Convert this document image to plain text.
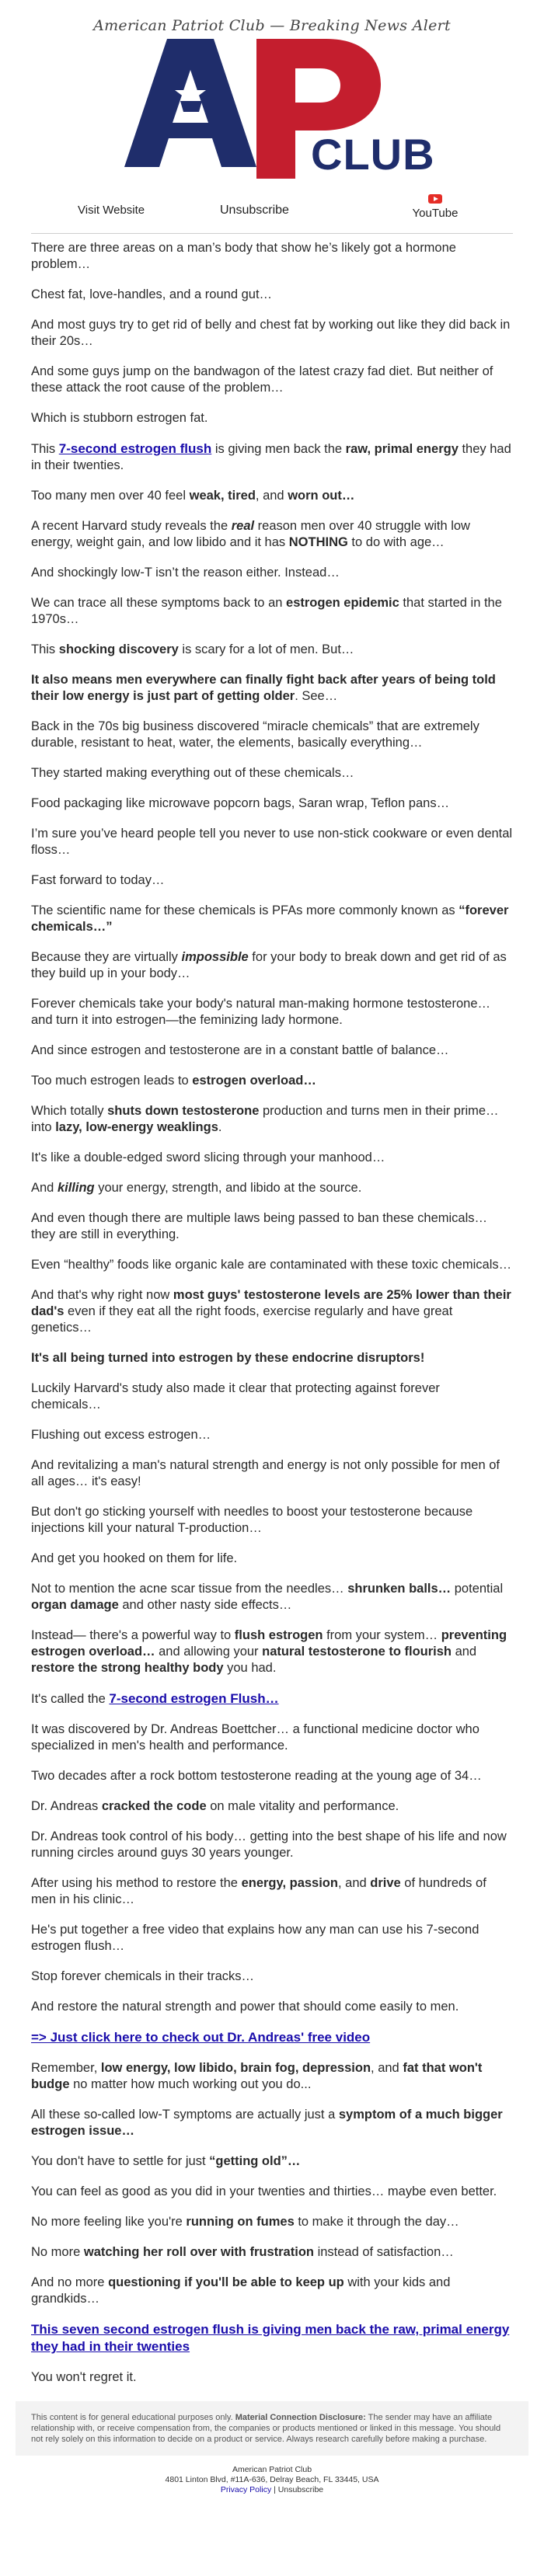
American Patriot Club — Breaking News Alert
CLUB
Visit Website	Unsubscribe	YouTube

There are three areas on a man’s body that show he’s likely got a hormone problem…

Chest fat, love-handles, and a round gut…

And most guys try to get rid of belly and chest fat by working out like they did back in their 20s…

And some guys jump on the bandwagon of the latest crazy fad diet. But neither of these attack the root cause of the problem…

Which is stubborn estrogen fat.

This 7-second estrogen flush is giving men back the raw, primal energy they had in their twenties.

Too many men over 40 feel weak, tired, and worn out…

A recent Harvard study reveals the real reason men over 40 struggle with low energy, weight gain, and low libido and it has NOTHING to do with age…

And shockingly low-T isn’t the reason either. Instead…

We can trace all these symptoms back to an estrogen epidemic that started in the 1970s…

This shocking discovery is scary for a lot of men. But…

It also means men everywhere can finally fight back after years of being told their low energy is just part of getting older. See…

Back in the 70s big business discovered “miracle chemicals” that are extremely durable, resistant to heat, water, the elements, basically everything…

They started making everything out of these chemicals…

Food packaging like microwave popcorn bags, Saran wrap, Teflon pans…

I’m sure you’ve heard people tell you never to use non-stick cookware or even dental floss…

Fast forward to today…

The scientific name for these chemicals is PFAs more commonly known as “forever chemicals…”

Because they are virtually impossible for your body to break down and get rid of as they build up in your body…

Forever chemicals take your body's natural man-making hormone testosterone… and turn it into estrogen—the feminizing lady hormone.

And since estrogen and testosterone are in a constant battle of balance…

Too much estrogen leads to estrogen overload…

Which totally shuts down testosterone production and turns men in their prime… into lazy, low-energy weaklings.

It's like a double-edged sword slicing through your manhood…

And killing your energy, strength, and libido at the source.

And even though there are multiple laws being passed to ban these chemicals… they are still in everything.

Even “healthy” foods like organic kale are contaminated with these toxic chemicals…

And that's why right now most guys' testosterone levels are 25% lower than their dad's even if they eat all the right foods, exercise regularly and have great genetics…

It's all being turned into estrogen by these endocrine disruptors!

Luckily Harvard's study also made it clear that protecting against forever chemicals…

Flushing out excess estrogen…

And revitalizing a man's natural strength and energy is not only possible for men of all ages… it's easy!

But don't go sticking yourself with needles to boost your testosterone because injections kill your natural T-production…

And get you hooked on them for life.

Not to mention the acne scar tissue from the needles… shrunken balls… potential organ damage and other nasty side effects…

Instead— there's a powerful way to flush estrogen from your system… preventing estrogen overload… and allowing your natural testosterone to flourish and restore the strong healthy body you had.

It's called the 7-second estrogen Flush…

It was discovered by Dr. Andreas Boettcher… a functional medicine doctor who specialized in men's health and performance.

Two decades after a rock bottom testosterone reading at the young age of 34…

Dr. Andreas cracked the code on male vitality and performance.

Dr. Andreas took control of his body… getting into the best shape of his life and now running circles around guys 30 years younger.

After using his method to restore the energy, passion, and drive of hundreds of men in his clinic…

He's put together a free video that explains how any man can use his 7-second estrogen flush…

Stop forever chemicals in their tracks…

And restore the natural strength and power that should come easily to men.

=> Just click here to check out Dr. Andreas' free video

Remember, low energy, low libido, brain fog, depression, and fat that won't budge no matter how much working out you do...

All these so-called low-T symptoms are actually just a symptom of a much bigger estrogen issue…

You don't have to settle for just “getting old”…

You can feel as good as you did in your twenties and thirties… maybe even better.

No more feeling like you're running on fumes to make it through the day…

No more watching her roll over with frustration instead of satisfaction…

And no more questioning if you'll be able to keep up with your kids and grandkids…

This seven second estrogen flush is giving men back the raw, primal energy they had in their twenties

You won't regret it.

This content is for general educational purposes only. Material Connection Disclosure: The sender may have an affiliate relationship with, or receive compensation from, the companies or products mentioned or linked in this message. You should not rely solely on this information to decide on a product or service. Always research carefully before making a purchase.
American Patriot Club
4801 Linton Blvd, #11A-636, Delray Beach, FL 33445, USA
Privacy Policy | Unsubscribe
